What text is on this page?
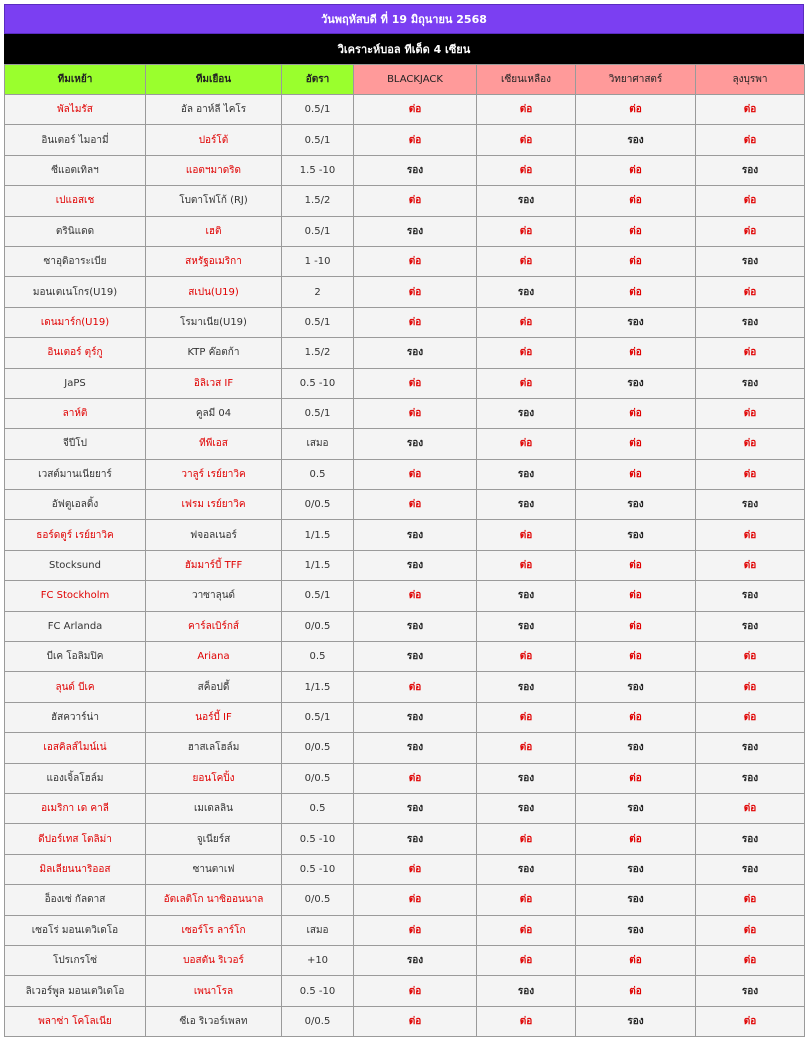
วันพฤหัสบดี ที่ 19 มิถุนายน 2568
วิเคราะห์บอล ทีเด็ด 4 เซียน
ทีมเหย้า	ทีมเยือน	อัตรา	BLACKJACK	เซียนเหลือง	วิทยาศาสตร์	ลุงบุรพา
พัลไมรัส	อัล อาห์ลี ไคโร	0.5/1	ต่อ	ต่อ	ต่อ	ต่อ
อินเตอร์ ไมอามี่	ปอร์โต้	0.5/1	ต่อ	ต่อ	รอง	ต่อ
ซีแอตเทิลฯ	แอตฯมาดริด	1.5 -10	รอง	ต่อ	ต่อ	รอง
เปแอสเช	โบตาโฟโก้ (RJ)	1.5/2	ต่อ	รอง	ต่อ	ต่อ
ตรินิแดด	เฮติ	0.5/1	รอง	ต่อ	ต่อ	ต่อ
ซาอุดิอาระเบีย	สหรัฐอเมริกา	1 -10	ต่อ	ต่อ	ต่อ	รอง
มอนเตเนโกร(U19)	สเปน(U19)	2	ต่อ	รอง	ต่อ	ต่อ
เดนมาร์ก(U19)	โรมาเนีย(U19)	0.5/1	ต่อ	ต่อ	รอง	รอง
อินเตอร์ ตุร์กู	KTP ค๊อตก้า	1.5/2	รอง	ต่อ	ต่อ	ต่อ
JaPS	อิลิเวส IF	0.5 -10	ต่อ	ต่อ	รอง	รอง
ลาห์ติ	คูลมี 04	0.5/1	ต่อ	รอง	ต่อ	ต่อ
จีปีโป	ทีพีเอส	เสมอ	รอง	ต่อ	ต่อ	ต่อ
เวสต์มานเนียยาร์	วาลูร์ เรย์ยาวิค	0.5	ต่อ	รอง	ต่อ	ต่อ
อัฟตูเอลดิ้ง	เฟรม เรย์ยาวิค	0/0.5	ต่อ	รอง	รอง	รอง
ธอร์ดตูร์ เรย์ยาวิค	ฟจอลเนอร์	1/1.5	รอง	ต่อ	รอง	ต่อ
Stocksund	ฮัมมาร์บี้ TFF	1/1.5	รอง	ต่อ	ต่อ	ต่อ
FC Stockholm	วาซาลุนด์	0.5/1	ต่อ	รอง	ต่อ	รอง
FC Arlanda	คาร์ลเบิร์กส์	0/0.5	รอง	รอง	ต่อ	รอง
บีเค โอลิมปิค	Ariana	0.5	รอง	ต่อ	ต่อ	ต่อ
ลุนด์ บีเค	สค็อปดี้	1/1.5	ต่อ	รอง	รอง	ต่อ
ฮัสควาร์น่า	นอร์บี้ IF	0.5/1	รอง	ต่อ	ต่อ	ต่อ
เอสคิลส์ไมน์เน่	ฮาสเลโฮล์ม	0/0.5	รอง	ต่อ	รอง	รอง
แองเจิ้ลโฮล์ม	ยอนโคปิ้ง	0/0.5	ต่อ	รอง	ต่อ	รอง
อเมริกา เด คาลี	เมเดลลิน	0.5	รอง	รอง	รอง	ต่อ
ดีปอร์เทส โตลิม่า	จูเนียร์ส	0.5 -10	รอง	ต่อ	ต่อ	รอง
มิลเลียนนาริออส	ซานตาเฟ	0.5 -10	ต่อ	รอง	รอง	รอง
อ็องเซ่ กัลดาส	อัตเลติโก นาซิออนนาล	0/0.5	ต่อ	ต่อ	รอง	ต่อ
เซอโร่ มอนเตวิเดโอ	เซอร์โร ลาร์โก	เสมอ	ต่อ	ต่อ	รอง	ต่อ
โปรเกรโซ่	บอสตัน ริเวอร์	+10	รอง	ต่อ	ต่อ	ต่อ
ลิเวอร์พูล มอนเตวิเดโอ	เพนาโรล	0.5 -10	ต่อ	รอง	ต่อ	รอง
พลาซ่า โคโลเนีย	ซีเอ ริเวอร์เพลท	0/0.5	ต่อ	ต่อ	รอง	ต่อ
